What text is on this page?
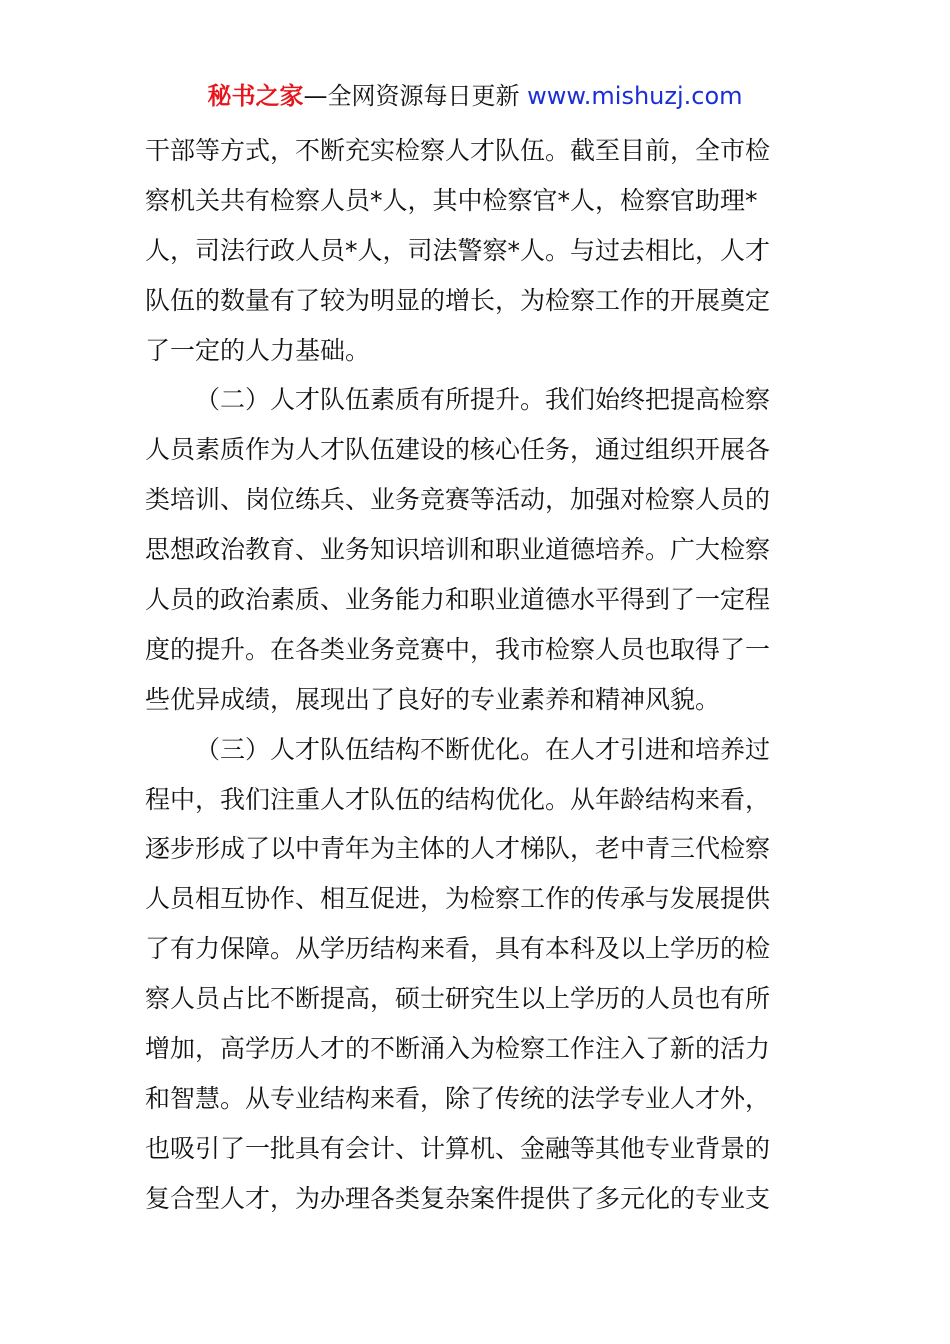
秘书之家—全网资源每日更新 www.mishuzj.com
干部等方式，不断充实检察人才队伍。截至目前，全市检
察机关共有检察人员*人，其中检察官*人，检察官助理*
人，司法行政人员*人，司法警察*人。与过去相比，人才
队伍的数量有了较为明显的增长，为检察工作的开展奠定
了一定的人力基础。
（二）人才队伍素质有所提升。我们始终把提高检察
人员素质作为人才队伍建设的核心任务，通过组织开展各
类培训、岗位练兵、业务竞赛等活动，加强对检察人员的
思想政治教育、业务知识培训和职业道德培养。广大检察
人员的政治素质、业务能力和职业道德水平得到了一定程
度的提升。在各类业务竞赛中，我市检察人员也取得了一
些优异成绩，展现出了良好的专业素养和精神风貌。
（三）人才队伍结构不断优化。在人才引进和培养过
程中，我们注重人才队伍的结构优化。从年龄结构来看，
逐步形成了以中青年为主体的人才梯队，老中青三代检察
人员相互协作、相互促进，为检察工作的传承与发展提供
了有力保障。从学历结构来看，具有本科及以上学历的检
察人员占比不断提高，硕士研究生以上学历的人员也有所
增加，高学历人才的不断涌入为检察工作注入了新的活力
和智慧。从专业结构来看，除了传统的法学专业人才外，
也吸引了一批具有会计、计算机、金融等其他专业背景的
复合型人才，为办理各类复杂案件提供了多元化的专业支
